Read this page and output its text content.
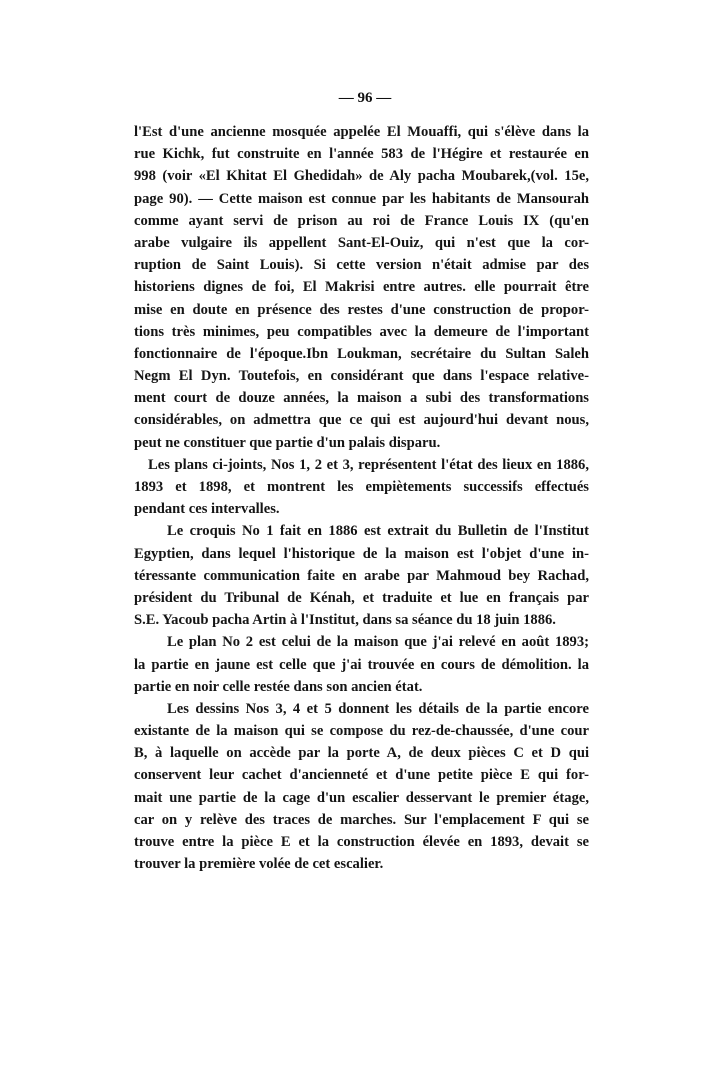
— 96 —
l'Est d'une ancienne mosquée appelée El Mouaffi, qui s'élève dans la
rue Kichk, fut construite en l'année 583 de l'Hégire et restaurée en
998 (voir «El Khitat El Ghedidah» de Aly pacha Moubarek,(vol. 15e,
page 90). — Cette maison est connue par les habitants de Mansourah
comme ayant servi de prison au roi de France Louis IX (qu'en
arabe vulgaire ils appellent Sant-El-Ouiz, qui n'est que la cor-
ruption de Saint Louis). Si cette version n'était admise par des
historiens dignes de foi, El Makrisi entre autres. elle pourrait être
mise en doute en présence des restes d'une construction de propor-
tions très minimes, peu compatibles avec la demeure de l'important
fonctionnaire de l'époque.Ibn Loukman, secrétaire du Sultan Saleh
Negm El Dyn. Toutefois, en considérant que dans l'espace relative-
ment court de douze années, la maison a subi des transformations
considérables, on admettra que ce qui est aujourd'hui devant nous,
peut ne constituer que partie d'un palais disparu.
Les plans ci-joints, Nos 1, 2 et 3, représentent l'état des lieux en 1886,
1893 et 1898, et montrent les empiètements successifs effectués
pendant ces intervalles.
Le croquis No 1 fait en 1886 est extrait du Bulletin de l'Institut
Egyptien, dans lequel l'historique de la maison est l'objet d'une in-
téressante communication faite en arabe par Mahmoud bey Rachad,
président du Tribunal de Kénah, et traduite et lue en français par
S.E. Yacoub pacha Artin à l'Institut, dans sa séance du 18 juin 1886.
Le plan No 2 est celui de la maison que j'ai relevé en août 1893;
la partie en jaune est celle que j'ai trouvée en cours de démolition. la
partie en noir celle restée dans son ancien état.
Les dessins Nos 3, 4 et 5 donnent les détails de la partie encore
existante de la maison qui se compose du rez-de-chaussée, d'une cour
B, à laquelle on accède par la porte A, de deux pièces C et D qui
conservent leur cachet d'ancienneté et d'une petite pièce E qui for-
mait une partie de la cage d'un escalier desservant le premier étage,
car on y relève des traces de marches. Sur l'emplacement F qui se
trouve entre la pièce E et la construction élevée en 1893, devait se
trouver la première volée de cet escalier.
